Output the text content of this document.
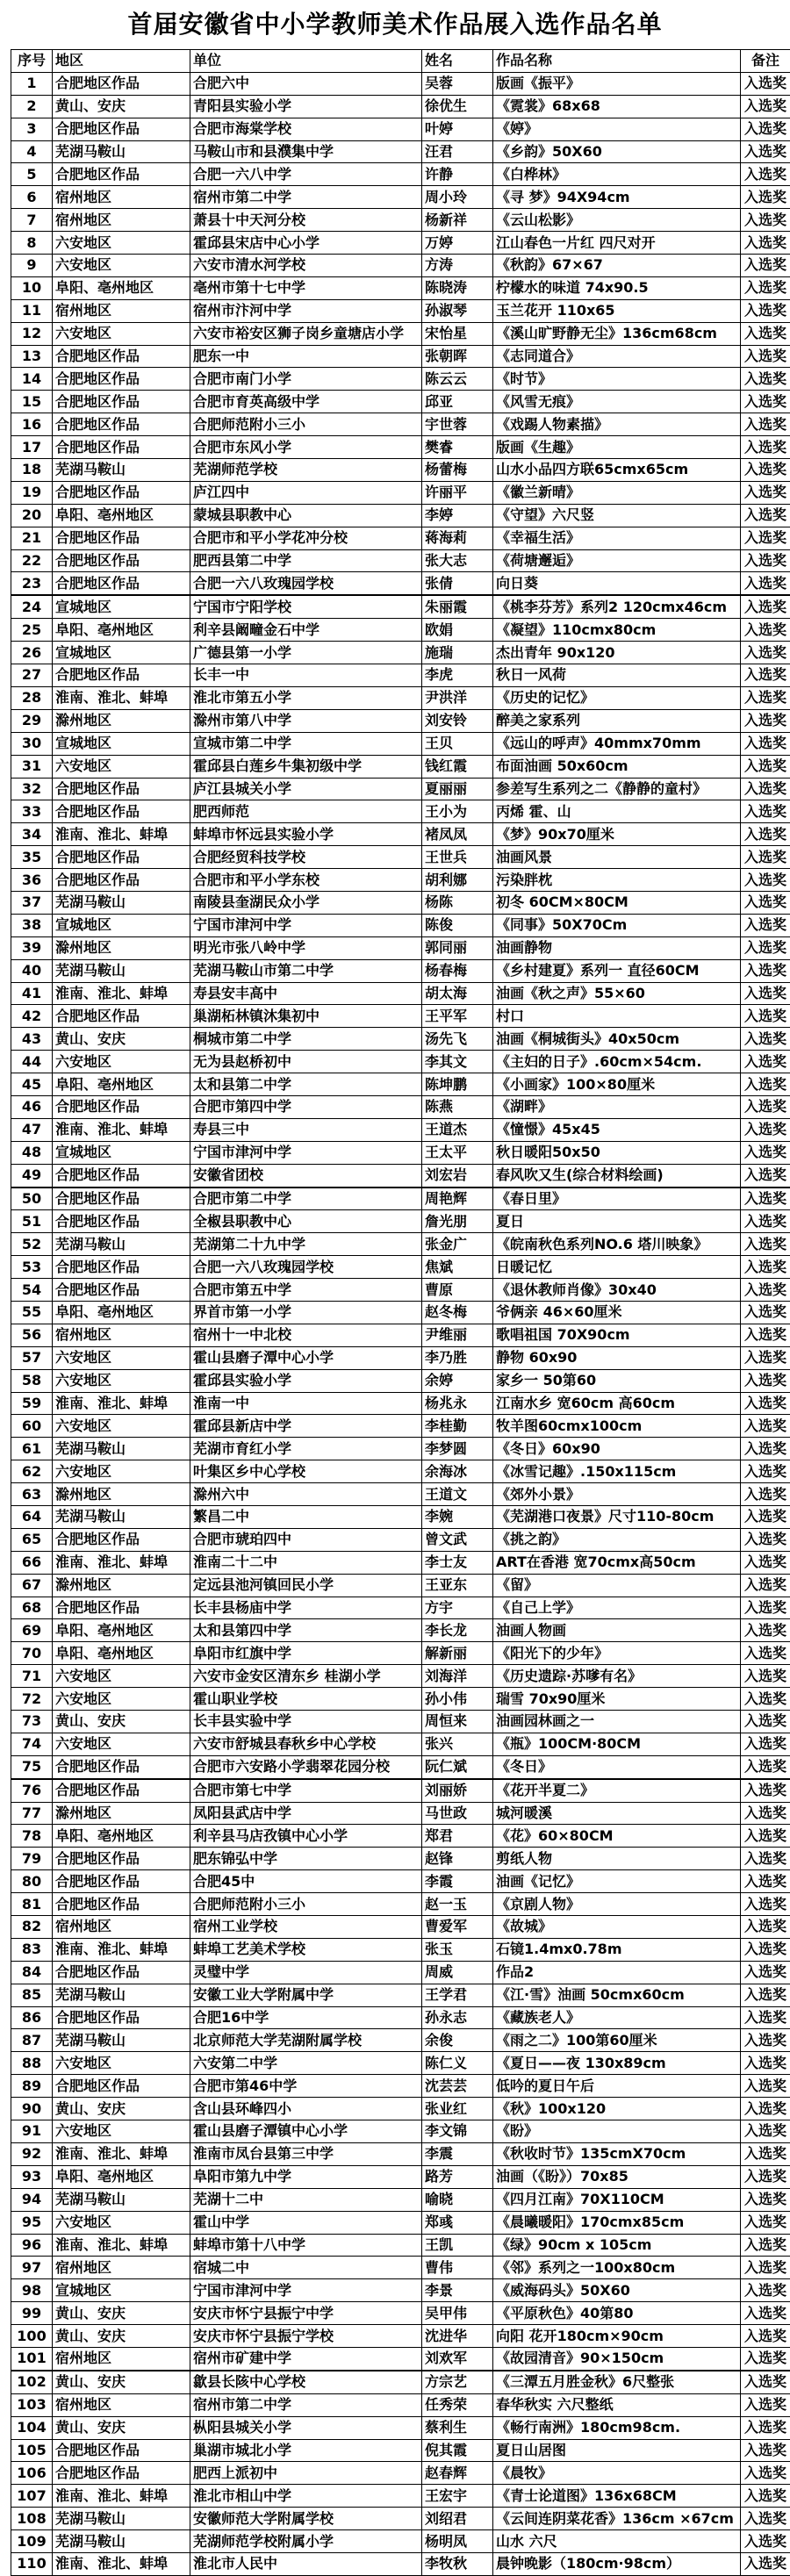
首届安徽省中小学教师美术作品展入选作品名单
序号	地区	单位	姓名	作品名称	备注
1	合肥地区作品	合肥六中	吴蓉	版画《振平》	入选奖
2	黄山、安庆	青阳县实验小学	徐优生	《霓裳》68x68	入选奖
3	合肥地区作品	合肥市海棠学校	叶婷	《婷》	入选奖
4	芜湖马鞍山	马鞍山市和县濮集中学	汪君	《乡韵》50X60	入选奖
5	合肥地区作品	合肥一六八中学	许静	《白桦林》	入选奖
6	宿州地区	宿州市第二中学	周小玲	《寻 梦》94X94cm	入选奖
7	宿州地区	萧县十中天河分校	杨新祥	《云山松影》	入选奖
8	六安地区	霍邱县宋店中心小学	万婷	江山春色一片红 四尺对开	入选奖
9	六安地区	六安市清水河学校	方涛	《秋韵》67×67	入选奖
10	阜阳、亳州地区	亳州市第十七中学	陈晓涛	柠檬水的味道 74x90.5	入选奖
11	宿州地区	宿州市汴河中学	孙淑琴	玉兰花开 110x65	入选奖
12	六安地区	六安市裕安区狮子岗乡童塘店小学	宋怡星	《溪山旷野静无尘》136cm68cm	入选奖
13	合肥地区作品	肥东一中	张朝晖	《志同道合》	入选奖
14	合肥地区作品	合肥市南门小学	陈云云	《时节》	入选奖
15	合肥地区作品	合肥市育英高级中学	邱亚	《风雪无痕》	入选奖
16	合肥地区作品	合肥师范附小三小	宇世蓉	《戏踢人物素描》	入选奖
17	合肥地区作品	合肥市东风小学	樊睿	版画《生趣》	入选奖
18	芜湖马鞍山	芜湖师范学校	杨蕾梅	山水小品四方联65cmx65cm	入选奖
19	合肥地区作品	庐江四中	许丽平	《徽兰新晴》	入选奖
20	阜阳、亳州地区	蒙城县职教中心	李婷	《守望》六尺竖	入选奖
21	合肥地区作品	合肥市和平小学花冲分校	蒋海莉	《幸福生活》	入选奖
22	合肥地区作品	肥西县第二中学	张大志	《荷塘邂逅》	入选奖
23	合肥地区作品	合肥一六八玫瑰园学校	张倩	向日葵	入选奖
24	宣城地区	宁国市宁阳学校	朱丽霞	《桃李芬芳》系列2 120cmx46cm	入选奖
25	阜阳、亳州地区	利辛县阚疃金石中学	欧娟	《凝望》110cmx80cm	入选奖
26	宣城地区	广德县第一小学	施瑞	杰出青年 90x120	入选奖
27	合肥地区作品	长丰一中	李虎	秋日一风荷	入选奖
28	淮南、淮北、蚌埠	淮北市第五小学	尹洪洋	《历史的记忆》	入选奖
29	滁州地区	滁州市第八中学	刘安铃	醉美之家系列	入选奖
30	宣城地区	宣城市第二中学	王贝	《远山的呼声》40mmx70mm	入选奖
31	六安地区	霍邱县白莲乡牛集初级中学	钱红霞	布面油画 50x60cm	入选奖
32	合肥地区作品	庐江县城关小学	夏丽丽	参差写生系列之二《静静的童村》	入选奖
33	合肥地区作品	肥西师范	王小为	丙烯 霍、山	入选奖
34	淮南、淮北、蚌埠	蚌埠市怀远县实验小学	褚凤凤	《梦》90x70厘米	入选奖
35	合肥地区作品	合肥经贸科技学校	王世兵	油画风景	入选奖
36	合肥地区作品	合肥市和平小学东校	胡利娜	污染胖枕	入选奖
37	芜湖马鞍山	南陵县奎湖民众小学	杨陈	初冬 60CM×80CM	入选奖
38	宣城地区	宁国市津河中学	陈俊	《同事》50X70Cm	入选奖
39	滁州地区	明光市张八岭中学	郭同丽	油画静物	入选奖
40	芜湖马鞍山	芜湖马鞍山市第二中学	杨春梅	《乡村建夏》系列一 直径60CM	入选奖
41	淮南、淮北、蚌埠	寿县安丰高中	胡太海	油画《秋之声》55×60	入选奖
42	合肥地区作品	巢湖柘林镇沐集初中	王平军	村口	入选奖
43	黄山、安庆	桐城市第二中学	汤先飞	油画《桐城街头》40x50cm	入选奖
44	六安地区	无为县赵桥初中	李其文	《主妇的日子》.60cm×54cm.	入选奖
45	阜阳、亳州地区	太和县第二中学	陈坤鹏	《小画家》100×80厘米	入选奖
46	合肥地区作品	合肥市第四中学	陈燕	《湖畔》	入选奖
47	淮南、淮北、蚌埠	寿县三中	王道杰	《憧憬》45x45	入选奖
48	宣城地区	宁国市津河中学	王太平	秋日暖阳50x50	入选奖
49	合肥地区作品	安徽省团校	刘宏岩	春风吹又生(综合材料绘画)	入选奖
50	合肥地区作品	合肥市第二中学	周艳辉	《春日里》	入选奖
51	合肥地区作品	全椒县职教中心	詹光朋	夏日	入选奖
52	芜湖马鞍山	芜湖第二十九中学	张金广	《皖南秋色系列NO.6 塔川映象》	入选奖
53	合肥地区作品	合肥一六八玫瑰园学校	焦斌	日暖记忆	入选奖
54	合肥地区作品	合肥市第五中学	曹原	《退休教师肖像》30x40	入选奖
55	阜阳、亳州地区	界首市第一小学	赵冬梅	爷俩亲 46×60厘米	入选奖
56	宿州地区	宿州十一中北校	尹维丽	歌唱祖国 70X90cm	入选奖
57	六安地区	霍山县磨子潭中心小学	李乃胜	静物 60x90	入选奖
58	六安地区	霍邱县实验小学	余婷	家乡一 50第60	入选奖
59	淮南、淮北、蚌埠	淮南一中	杨兆永	江南水乡 宽60cm 高60cm	入选奖
60	六安地区	霍邱县新店中学	李桂勤	牧羊图60cmx100cm	入选奖
61	芜湖马鞍山	芜湖市育红小学	李梦圆	《冬日》60x90	入选奖
62	六安地区	叶集区乡中心学校	余海冰	《冰雪记趣》.150x115cm	入选奖
63	滁州地区	滁州六中	王道文	《郊外小景》	入选奖
64	芜湖马鞍山	繁昌二中	李婉	《芜湖港口夜景》尺寸110-80cm	入选奖
65	合肥地区作品	合肥市琥珀四中	曾文武	《挑之韵》	入选奖
66	淮南、淮北、蚌埠	淮南二十二中	李士友	ART在香港 宽70cmx高50cm	入选奖
67	滁州地区	定远县池河镇回民小学	王亚东	《留》	入选奖
68	合肥地区作品	长丰县杨庙中学	方宇	《自己上学》	入选奖
69	阜阳、亳州地区	太和县第四中学	李长龙	油画人物画	入选奖
70	阜阳、亳州地区	阜阳市红旗中学	解新丽	《阳光下的少年》	入选奖
71	六安地区	六安市金安区清东乡 桂湖小学	刘海洋	《历史遗踪·苏嗲有名》	入选奖
72	六安地区	霍山职业学校	孙小伟	瑞雪 70x90厘米	入选奖
73	黄山、安庆	长丰县实验中学	周恒来	油画园林画之一	入选奖
74	六安地区	六安市舒城县春秋乡中心学校	张兴	《瓶》100CM·80CM	入选奖
75	合肥地区作品	合肥市六安路小学翡翠花园分校	阮仁斌	《冬日》	入选奖
76	合肥地区作品	合肥市第七中学	刘丽娇	《花开半夏二》	入选奖
77	滁州地区	凤阳县武店中学	马世政	城河暖溪	入选奖
78	阜阳、亳州地区	利辛县马店孜镇中心小学	郑君	《花》60×80CM	入选奖
79	合肥地区作品	肥东锦弘中学	赵锋	剪纸人物	入选奖
80	合肥地区作品	合肥45中	李霞	油画《记忆》	入选奖
81	合肥地区作品	合肥师范附小三小	赵一玉	《京剧人物》	入选奖
82	宿州地区	宿州工业学校	曹爱军	《故城》	入选奖
83	淮南、淮北、蚌埠	蚌埠工艺美术学校	张玉	石镜1.4mx0.78m	入选奖
84	合肥地区作品	灵璧中学	周威	作品2	入选奖
85	芜湖马鞍山	安徽工业大学附属中学	王学君	《江·雪》油画 50cmx60cm	入选奖
86	合肥地区作品	合肥16中学	孙永志	《藏族老人》	入选奖
87	芜湖马鞍山	北京师范大学芜湖附属学校	余俊	《雨之二》100第60厘米	入选奖
88	六安地区	六安第二中学	陈仁义	《夏日——夜 130x89cm	入选奖
89	合肥地区作品	合肥市第46中学	沈芸芸	低吟的夏日午后	入选奖
90	黄山、安庆	含山县环峰四小	张业红	《秋》100x120	入选奖
91	六安地区	霍山县磨子潭镇中心小学	李文锦	《盼》	入选奖
92	淮南、淮北、蚌埠	淮南市凤台县第三中学	李震	《秋收时节》135cmX70cm	入选奖
93	阜阳、亳州地区	阜阳市第九中学	路芳	油画（《盼》）70x85	入选奖
94	芜湖马鞍山	芜湖十二中	喻晓	《四月江南》70X110CM	入选奖
95	六安地区	霍山中学	郑彧	《晨曦暖阳》170cmx85cm	入选奖
96	淮南、淮北、蚌埠	蚌埠市第十八中学	王凯	《绿》90cm x 105cm	入选奖
97	宿州地区	宿城二中	曹伟	《邻》系列之一100x80cm	入选奖
98	宣城地区	宁国市津河中学	李景	《威海码头》50X60	入选奖
99	黄山、安庆	安庆市怀宁县振宁中学	吴甲伟	《平原秋色》40第80	入选奖
100	黄山、安庆	安庆市怀宁县振宁学校	沈进华	向阳 花开180cm×90cm	入选奖
101	宿州地区	宿州市矿建中学	刘欢军	《故园清音》90×150cm	入选奖
102	黄山、安庆	歙县长陔中心学校	方宗艺	《三潭五月胜金秋》6尺整张	入选奖
103	宿州地区	宿州市第二中学	任秀荣	春华秋实 六尺整纸	入选奖
104	黄山、安庆	枞阳县城关小学	蔡利生	《畅行南洲》180cm98cm.	入选奖
105	合肥地区作品	巢湖市城北小学	倪其霞	夏日山居图	入选奖
106	合肥地区作品	肥西上派初中	赵春辉	《晨牧》	入选奖
107	淮南、淮北、蚌埠	淮北市相山中学	王宏宇	《青士论道图》136x68CM	入选奖
108	芜湖马鞍山	安徽师范大学附属学校	刘绍君	《云间连阴菜花香》136cm ×67cm	入选奖
109	芜湖马鞍山	芜湖师范学校附属小学	杨明凤	山水 六尺	入选奖
110	淮南、淮北、蚌埠	淮北市人民中	李牧秋	晨钟晚影（180cm·98cm）	入选奖
